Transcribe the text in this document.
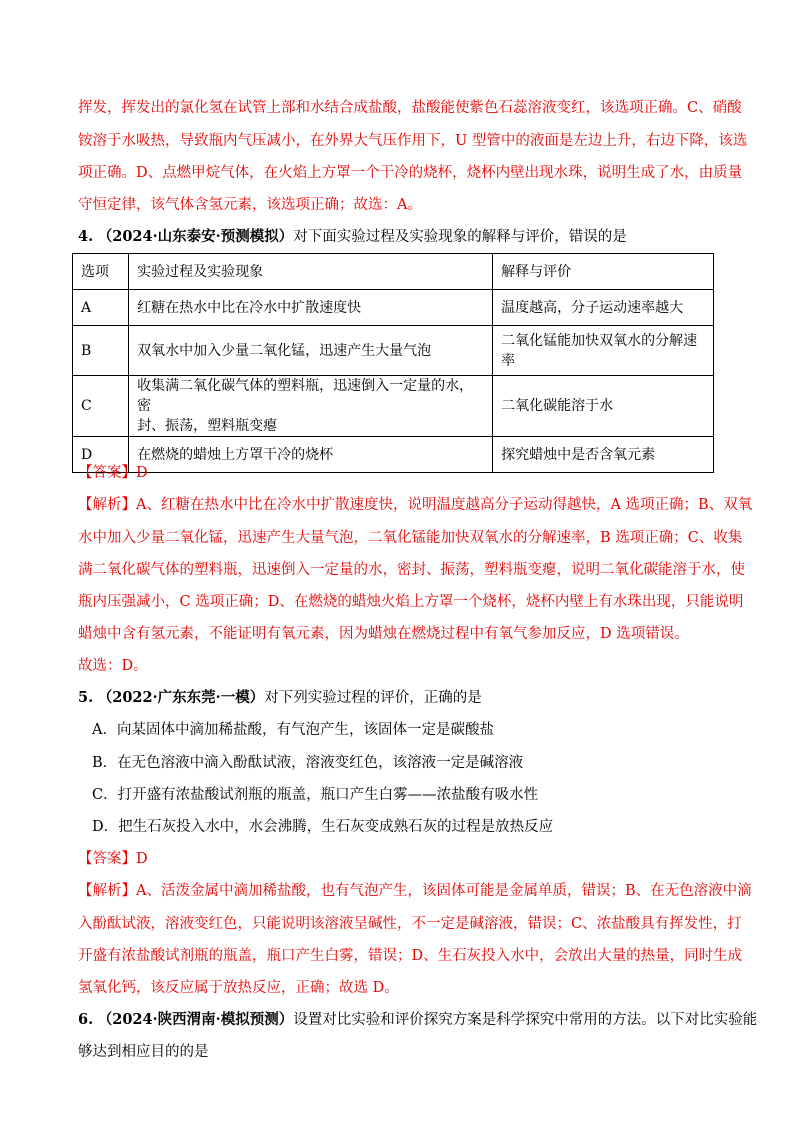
挥发，挥发出的氯化氢在试管上部和水结合成盐酸，盐酸能使紫色石蕊溶液变红，该选项正确。C、硝酸
铵溶于水吸热，导致瓶内气压减小，在外界大气压作用下，U 型管中的液面是左边上升，右边下降，该选
项正确。D、点燃甲烷气体，在火焰上方罩一个干冷的烧杯，烧杯内壁出现水珠，说明生成了水，由质量
守恒定律，该气体含氢元素，该选项正确；故选：A。
4. （2024·山东泰安·预测模拟）对下面实验过程及实验现象的解释与评价，错误的是
选项	实验过程及实验现象	解释与评价
A	红糖在热水中比在冷水中扩散速度快	温度越高，分子运动速率越大
B	双氧水中加入少量二氧化锰，迅速产生大量气泡	二氧化锰能加快双氧水的分解速
率

C	收集满二氧化碳气体的塑料瓶，迅速倒入一定量的水，密
封、振荡，塑料瓶变瘪	二氧化碳能溶于水
D	在燃烧的蜡烛上方罩干冷的烧杯	探究蜡烛中是否含氧元素
【答案】D
【解析】A、红糖在热水中比在冷水中扩散速度快，说明温度越高分子运动得越快，A 选项正确；B、双氧
水中加入少量二氧化锰，迅速产生大量气泡，二氧化锰能加快双氧水的分解速率，B 选项正确；C、收集
满二氧化碳气体的塑料瓶，迅速倒入一定量的水，密封、振荡，塑料瓶变瘪，说明二氧化碳能溶于水，使
瓶内压强减小，C 选项正确；D、在燃烧的蜡烛火焰上方罩一个烧杯，烧杯内壁上有水珠出现，只能说明
蜡烛中含有氢元素，不能证明有氧元素，因为蜡烛在燃烧过程中有氧气参加反应，D 选项错误。
故选：D。
5. （2022·广东东莞·一模）对下列实验过程的评价，正确的是
A．向某固体中滴加稀盐酸，有气泡产生，该固体一定是碳酸盐
B．在无色溶液中滴入酚酞试液，溶液变红色，该溶液一定是碱溶液
C．打开盛有浓盐酸试剂瓶的瓶盖，瓶口产生白雾——浓盐酸有吸水性
D．把生石灰投入水中，水会沸腾，生石灰变成熟石灰的过程是放热反应
【答案】D
【解析】A、活泼金属中滴加稀盐酸，也有气泡产生，该固体可能是金属单质，错误；B、在无色溶液中滴
入酚酞试液，溶液变红色，只能说明该溶液呈碱性，不一定是碱溶液，错误；C、浓盐酸具有挥发性，打
开盛有浓盐酸试剂瓶的瓶盖，瓶口产生白雾，错误；D、生石灰投入水中，会放出大量的热量，同时生成
氢氧化钙，该反应属于放热反应，正确；故选 D。
6. （2024·陕西渭南·模拟预测）设置对比实验和评价探究方案是科学探究中常用的方法。以下对比实验能
够达到相应目的的是
